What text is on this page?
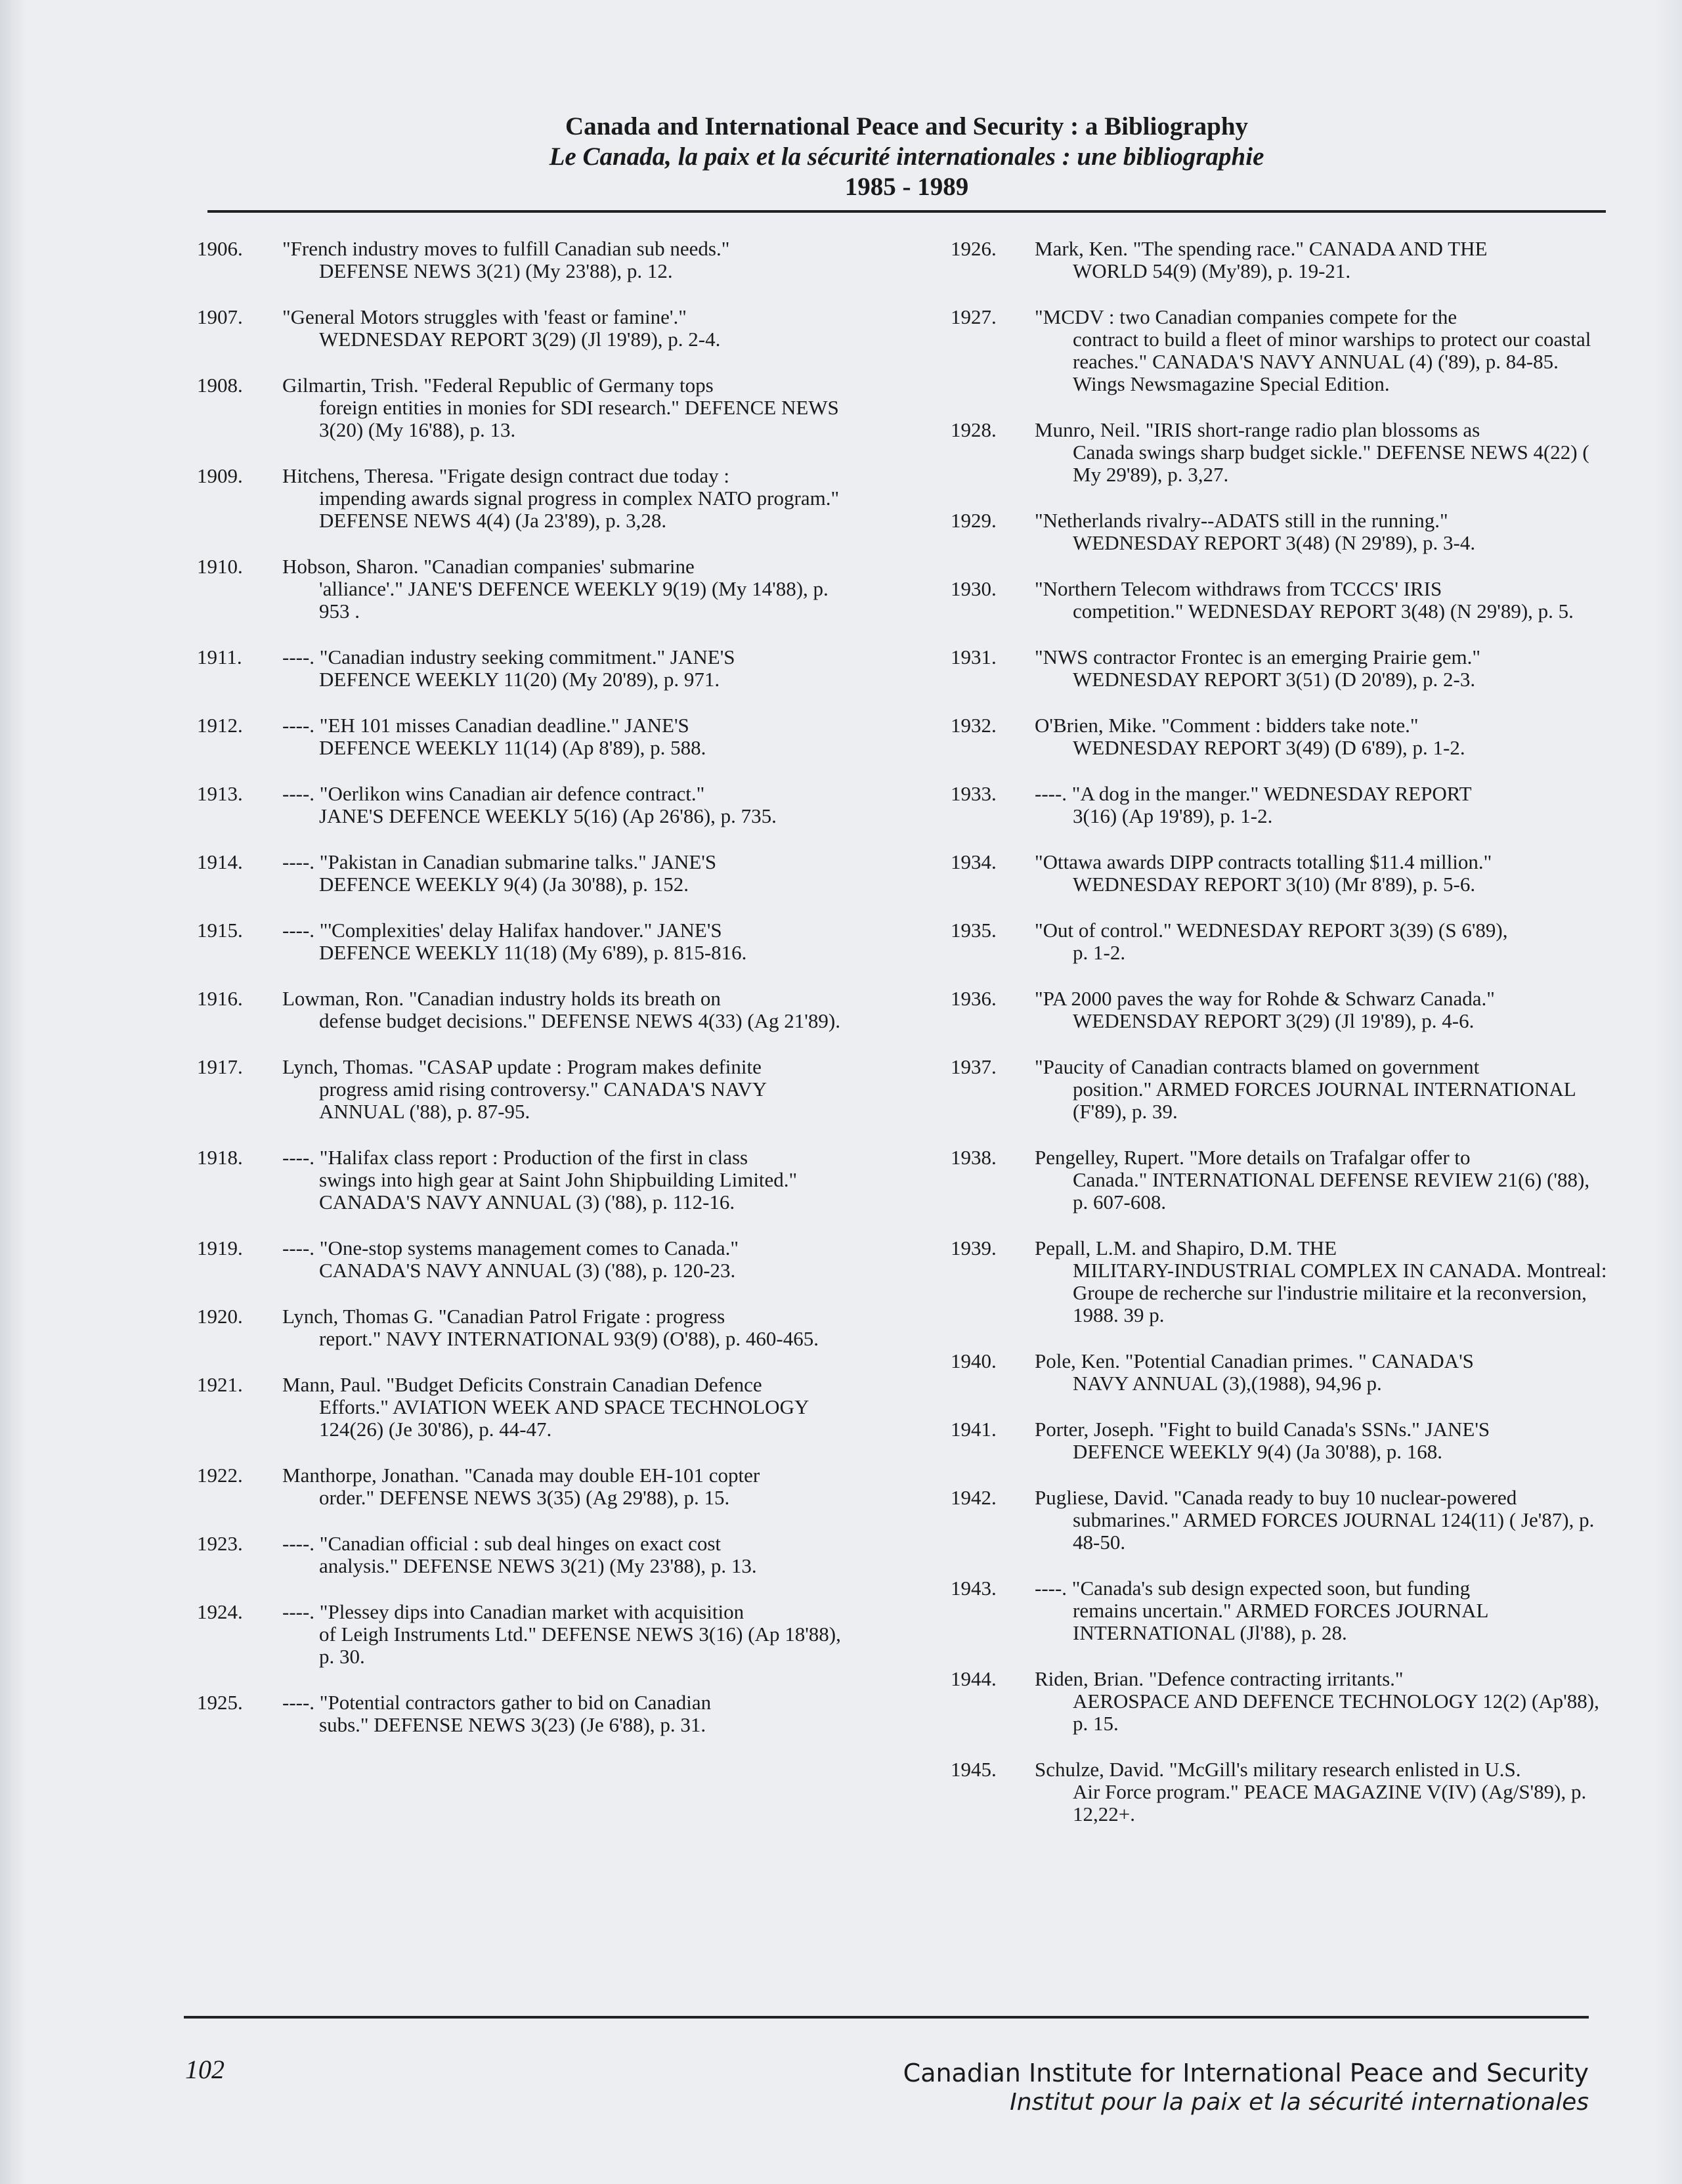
Canada and International Peace and Security : a Bibliography
Le Canada, la paix et la sécurité internationales : une bibliographie
1985 - 1989
1906.	"French industry moves to fulfill Canadian sub needs."
DEFENSE NEWS 3(21) (My 23'88), p. 12.
1907.	"General Motors struggles with 'feast or famine'."
WEDNESDAY REPORT 3(29) (Jl 19'89), p. 2-4.
1908.	Gilmartin, Trish. "Federal Republic of Germany tops
foreign entities in monies for SDI research." DEFENCE NEWS 3(20) (My 16'88), p. 13.
1909.	Hitchens, Theresa. "Frigate design contract due today :
impending awards signal progress in complex NATO program." DEFENSE NEWS 4(4) (Ja 23'89), p. 3,28.
1910.	Hobson, Sharon. "Canadian companies' submarine
'alliance'." JANE'S DEFENCE WEEKLY 9(19) (My 14'88), p. 953 .
1911.	----. "Canadian industry seeking commitment." JANE'S
DEFENCE WEEKLY 11(20) (My 20'89), p. 971.
1912.	----. "EH 101 misses Canadian deadline." JANE'S
DEFENCE WEEKLY 11(14) (Ap 8'89), p. 588.
1913.	----. "Oerlikon wins Canadian air defence contract."
JANE'S DEFENCE WEEKLY 5(16) (Ap 26'86), p. 735.
1914.	----. "Pakistan in Canadian submarine talks." JANE'S
DEFENCE WEEKLY 9(4) (Ja 30'88), p. 152.
1915.	----. "'Complexities' delay Halifax handover." JANE'S
DEFENCE WEEKLY 11(18) (My 6'89), p. 815-816.
1916.	Lowman, Ron. "Canadian industry holds its breath on
defense budget decisions." DEFENSE NEWS 4(33) (Ag 21'89).
1917.	Lynch, Thomas. "CASAP update : Program makes definite
progress amid rising controversy." CANADA'S NAVY ANNUAL ('88), p. 87-95.
1918.	----. "Halifax class report : Production of the first in class
swings into high gear at Saint John Shipbuilding Limited." CANADA'S NAVY ANNUAL (3) ('88), p. 112-16.
1919.	----. "One-stop systems management comes to Canada."
CANADA'S NAVY ANNUAL (3) ('88), p. 120-23.
1920.	Lynch, Thomas G. "Canadian Patrol Frigate : progress
report." NAVY INTERNATIONAL 93(9) (O'88), p. 460-465.
1921.	Mann, Paul. "Budget Deficits Constrain Canadian Defence
Efforts." AVIATION WEEK AND SPACE TECHNOLOGY 124(26) (Je 30'86), p. 44-47.
1922.	Manthorpe, Jonathan. "Canada may double EH-101 copter
order." DEFENSE NEWS 3(35) (Ag 29'88), p. 15.
1923.	----. "Canadian official : sub deal hinges on exact cost
analysis." DEFENSE NEWS 3(21) (My 23'88), p. 13.
1924.	----. "Plessey dips into Canadian market with acquisition
of Leigh Instruments Ltd." DEFENSE NEWS 3(16) (Ap 18'88), p. 30.
1925.	----. "Potential contractors gather to bid on Canadian
subs." DEFENSE NEWS 3(23) (Je 6'88), p. 31.
1926.	Mark, Ken. "The spending race." CANADA AND THE
WORLD 54(9) (My'89), p. 19-21.
1927.	"MCDV : two Canadian companies compete for the
contract to build a fleet of minor warships to protect our coastal reaches." CANADA'S NAVY ANNUAL (4) ('89), p. 84-85. Wings Newsmagazine Special Edition.
1928.	Munro, Neil. "IRIS short-range radio plan blossoms as
Canada swings sharp budget sickle." DEFENSE NEWS 4(22) ( My 29'89), p. 3,27.
1929.	"Netherlands rivalry--ADATS still in the running."
WEDNESDAY REPORT 3(48) (N 29'89), p. 3-4.
1930.	"Northern Telecom withdraws from TCCCS' IRIS
competition." WEDNESDAY REPORT 3(48) (N 29'89), p. 5.
1931.	"NWS contractor Frontec is an emerging Prairie gem."
WEDNESDAY REPORT 3(51) (D 20'89), p. 2-3.
1932.	O'Brien, Mike. "Comment : bidders take note."
WEDNESDAY REPORT 3(49) (D 6'89), p. 1-2.
1933.	----. "A dog in the manger." WEDNESDAY REPORT
3(16) (Ap 19'89), p. 1-2.
1934.	"Ottawa awards DIPP contracts totalling $11.4 million."
WEDNESDAY REPORT 3(10) (Mr 8'89), p. 5-6.
1935.	"Out of control." WEDNESDAY REPORT 3(39) (S 6'89),
p. 1-2.
1936.	"PA 2000 paves the way for Rohde & Schwarz Canada."
WEDENSDAY REPORT 3(29) (Jl 19'89), p. 4-6.
1937.	"Paucity of Canadian contracts blamed on government
position." ARMED FORCES JOURNAL INTERNATIONAL (F'89), p. 39.
1938.	Pengelley, Rupert. "More details on Trafalgar offer to
Canada." INTERNATIONAL DEFENSE REVIEW 21(6) ('88), p. 607-608.
1939.	Pepall, L.M. and Shapiro, D.M. THE
MILITARY-INDUSTRIAL COMPLEX IN CANADA. Montreal: Groupe de recherche sur l'industrie militaire et la reconversion, 1988. 39 p.
1940.	Pole, Ken. "Potential Canadian primes. " CANADA'S
NAVY ANNUAL (3),(1988), 94,96 p.
1941.	Porter, Joseph. "Fight to build Canada's SSNs." JANE'S
DEFENCE WEEKLY 9(4) (Ja 30'88), p. 168.
1942.	Pugliese, David. "Canada ready to buy 10 nuclear-powered
submarines." ARMED FORCES JOURNAL 124(11) ( Je'87), p. 48-50.
1943.	----. "Canada's sub design expected soon, but funding
remains uncertain." ARMED FORCES JOURNAL INTERNATIONAL (Jl'88), p. 28.
1944.	Riden, Brian. "Defence contracting irritants."
AEROSPACE AND DEFENCE TECHNOLOGY 12(2) (Ap'88), p. 15.
1945.	Schulze, David. "McGill's military research enlisted in U.S.
Air Force program." PEACE MAGAZINE V(IV) (Ag/S'89), p. 12,22+.
102	Canadian Institute for International Peace and Security
Institut pour la paix et la sécurité internationales
